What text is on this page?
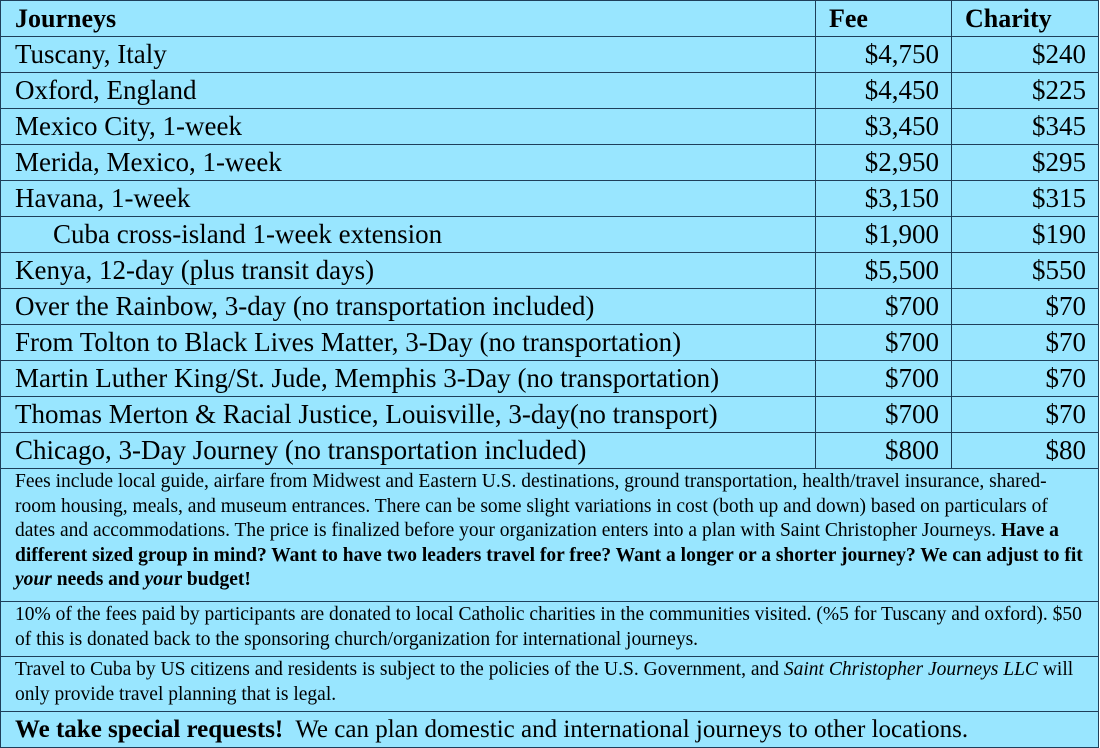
Journeys	Fee	Charity
Tuscany, Italy	$4,750	$240
Oxford, England	$4,450	$225
Mexico City, 1-week	$3,450	$345
Merida, Mexico, 1-week	$2,950	$295
Havana, 1-week	$3,150	$315
Cuba cross-island 1-week extension	$1,900	$190
Kenya, 12-day (plus transit days)	$5,500	$550
Over the Rainbow, 3-day (no transportation included)	$700	$70
From Tolton to Black Lives Matter, 3-Day (no transportation)	$700	$70
Martin Luther King/St. Jude, Memphis 3-Day (no transportation)	$700	$70
Thomas Merton & Racial Justice, Louisville, 3-day(no transport)	$700	$70
Chicago, 3-Day Journey (no transportation included)	$800	$80
Fees include local guide, airfare from Midwest and Eastern U.S. destinations, ground transportation, health/travel insurance, shared-room housing, meals, and museum entrances. There can be some slight variations in cost (both up and down) based on particulars of dates and accommodations. The price is finalized before your organization enters into a plan with Saint Christopher Journeys. Have a different sized group in mind? Want to have two leaders travel for free? Want a longer or a shorter journey? We can adjust to fit your needs and your budget!		
10% of the fees paid by participants are donated to local Catholic charities in the communities visited. (%5 for Tuscany and oxford). $50 of this is donated back to the sponsoring church/organization for international journeys.		
Travel to Cuba by US citizens and residents is subject to the policies of the U.S. Government, and Saint Christopher Journeys LLC will only provide travel planning that is legal.		
We take special requests!  We can plan domestic and international journeys to other locations.		
